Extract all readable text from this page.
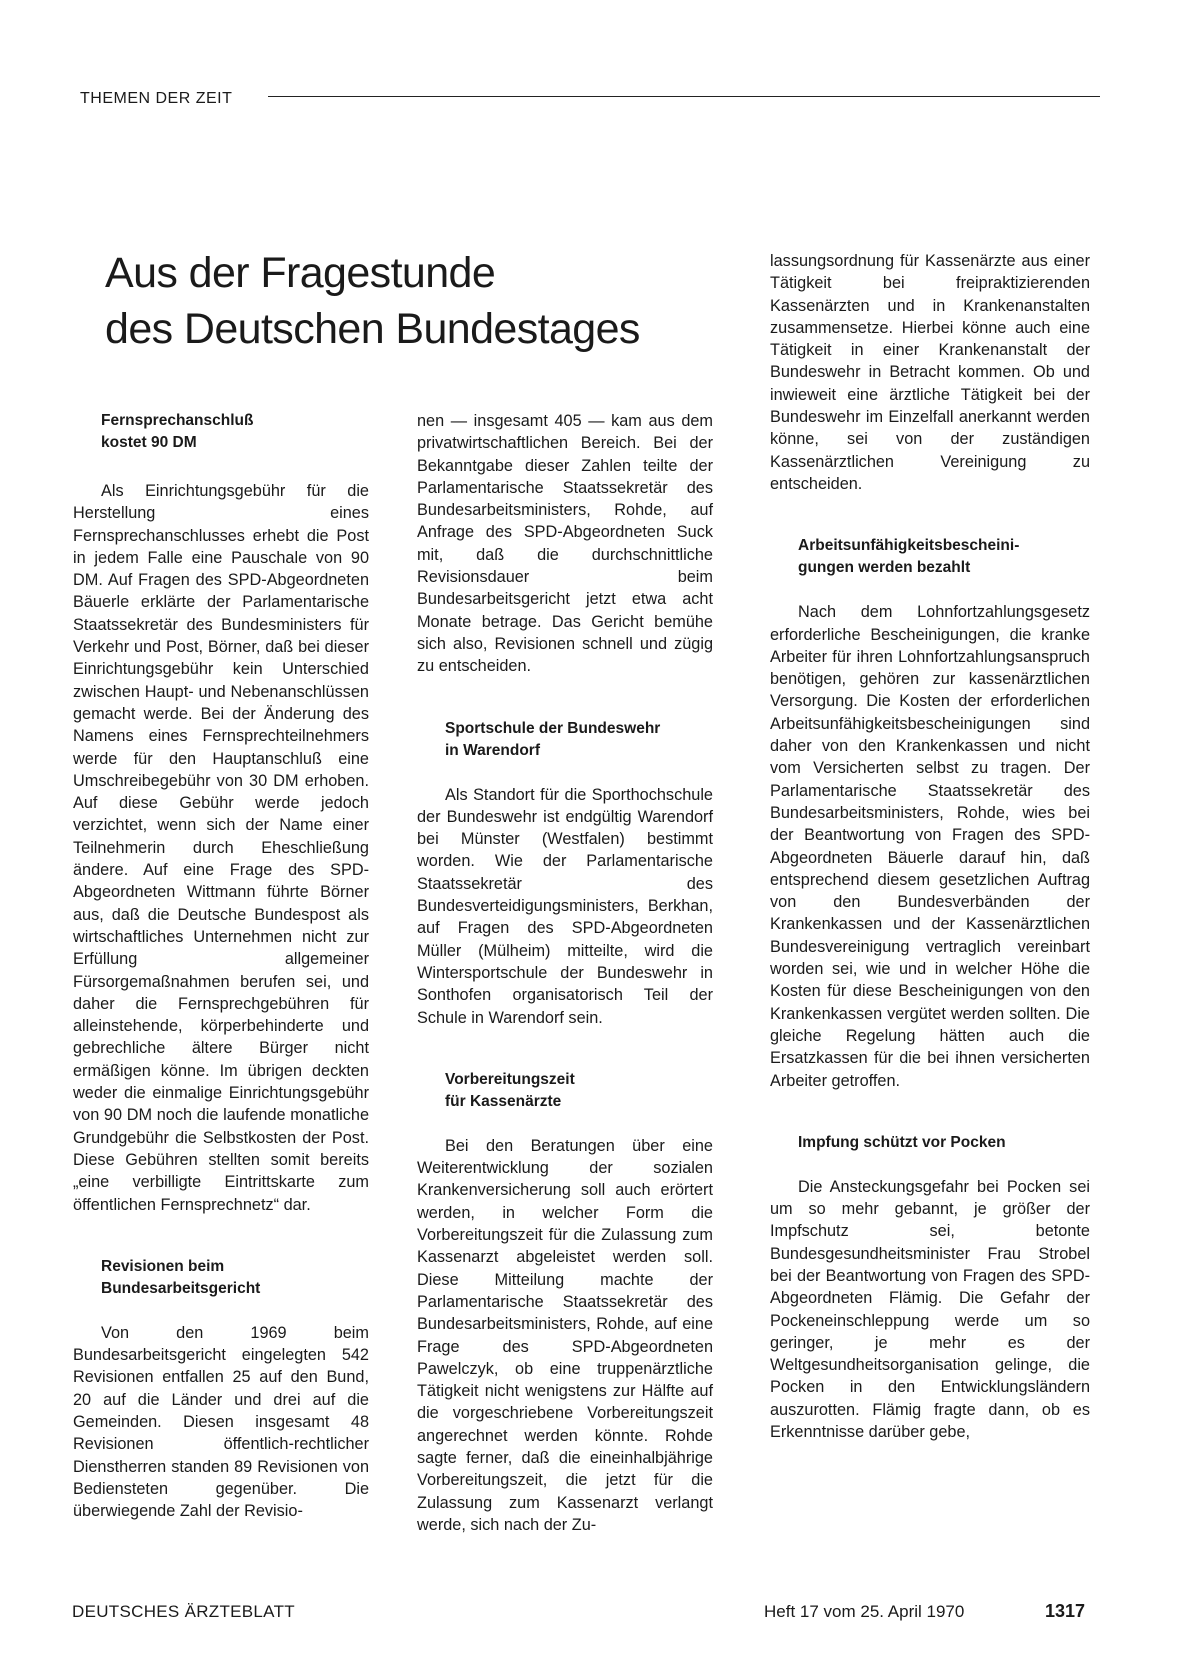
THEMEN DER ZEIT
Aus der Fragestunde
des Deutschen Bundestages
Fernsprechanschluß
kostet 90 DM

Als Einrichtungsgebühr für die Herstellung eines Fernsprechanschlusses erhebt die Post in jedem Falle eine Pauschale von 90 DM. Auf Fragen des SPD-Abgeordneten Bäuerle erklärte der Parlamentarische Staatssekretär des Bundesministers für Verkehr und Post, Börner, daß bei dieser Einrichtungsgebühr kein Unterschied zwischen Haupt- und Nebenanschlüssen gemacht werde. Bei der Änderung des Namens eines Fernsprechteilnehmers werde für den Hauptanschluß eine Umschreibegebühr von 30 DM erhoben. Auf diese Gebühr werde jedoch verzichtet, wenn sich der Name einer Teilnehmerin durch Eheschließung ändere. Auf eine Frage des SPD-Abgeordneten Wittmann führte Börner aus, daß die Deutsche Bundespost als wirtschaftliches Unternehmen nicht zur Erfüllung allgemeiner Fürsorgemaßnahmen berufen sei, und daher die Fernsprechgebühren für alleinstehende, körperbehinderte und gebrechliche ältere Bürger nicht ermäßigen könne. Im übrigen deckten weder die einmalige Einrichtungsgebühr von 90 DM noch die laufende monatliche Grundgebühr die Selbstkosten der Post. Diese Gebühren stellten somit bereits „eine verbilligte Eintrittskarte zum öffentlichen Fernsprechnetz“ dar.

Revisionen beim
Bundesarbeitsgericht

Von den 1969 beim Bundesarbeitsgericht eingelegten 542 Revisionen entfallen 25 auf den Bund, 20 auf die Länder und drei auf die Gemeinden. Diesen insgesamt 48 Revisionen öffentlich-rechtlicher Dienstherren standen 89 Revisionen von Bediensteten gegenüber. Die überwiegende Zahl der Revisio-

nen — insgesamt 405 — kam aus dem privatwirtschaftlichen Bereich. Bei der Bekanntgabe dieser Zahlen teilte der Parlamentarische Staatssekretär des Bundesarbeitsministers, Rohde, auf Anfrage des SPD-Abgeordneten Suck mit, daß die durchschnittliche Revisionsdauer beim Bundesarbeitsgericht jetzt etwa acht Monate betrage. Das Gericht bemühe sich also, Revisionen schnell und zügig zu entscheiden.

Sportschule der Bundeswehr
in Warendorf

Als Standort für die Sporthochschule der Bundeswehr ist endgültig Warendorf bei Münster (Westfalen) bestimmt worden. Wie der Parlamentarische Staatssekretär des Bundesverteidigungsministers, Berkhan, auf Fragen des SPD-Abgeordneten Müller (Mülheim) mitteilte, wird die Wintersportschule der Bundeswehr in Sonthofen organisatorisch Teil der Schule in Warendorf sein.

Vorbereitungszeit
für Kassenärzte

Bei den Beratungen über eine Weiterentwicklung der sozialen Krankenversicherung soll auch erörtert werden, in welcher Form die Vorbereitungszeit für die Zulassung zum Kassenarzt abgeleistet werden soll. Diese Mitteilung machte der Parlamentarische Staatssekretär des Bundesarbeitsministers, Rohde, auf eine Frage des SPD-Abgeordneten Pawelczyk, ob eine truppenärztliche Tätigkeit nicht wenigstens zur Hälfte auf die vorgeschriebene Vorbereitungszeit angerechnet werden könnte. Rohde sagte ferner, daß die eineinhalbjährige Vorbereitungszeit, die jetzt für die Zulassung zum Kassenarzt verlangt werde, sich nach der Zu-

lassungsordnung für Kassenärzte aus einer Tätigkeit bei freipraktizierenden Kassenärzten und in Krankenanstalten zusammensetze. Hierbei könne auch eine Tätigkeit in einer Krankenanstalt der Bundeswehr in Betracht kommen. Ob und inwieweit eine ärztliche Tätigkeit bei der Bundeswehr im Einzelfall anerkannt werden könne, sei von der zuständigen Kassenärztlichen Vereinigung zu entscheiden.

Arbeitsunfähigkeitsbescheini-
gungen werden bezahlt

Nach dem Lohnfortzahlungsgesetz erforderliche Bescheinigungen, die kranke Arbeiter für ihren Lohnfortzahlungsanspruch benötigen, gehören zur kassenärztlichen Versorgung. Die Kosten der erforderlichen Arbeitsunfähigkeitsbescheinigungen sind daher von den Krankenkassen und nicht vom Versicherten selbst zu tragen. Der Parlamentarische Staatssekretär des Bundesarbeitsministers, Rohde, wies bei der Beantwortung von Fragen des SPD-Abgeordneten Bäuerle darauf hin, daß entsprechend diesem gesetzlichen Auftrag von den Bundesverbänden der Krankenkassen und der Kassenärztlichen Bundesvereinigung vertraglich vereinbart worden sei, wie und in welcher Höhe die Kosten für diese Bescheinigungen von den Krankenkassen vergütet werden sollten. Die gleiche Regelung hätten auch die Ersatzkassen für die bei ihnen versicherten Arbeiter getroffen.

Impfung schützt vor Pocken

Die Ansteckungsgefahr bei Pocken sei um so mehr gebannt, je größer der Impfschutz sei, betonte Bundesgesundheitsminister Frau Strobel bei der Beantwortung von Fragen des SPD-Abgeordneten Flämig. Die Gefahr der Pockeneinschleppung werde um so geringer, je mehr es der Weltgesundheitsorganisation gelinge, die Pocken in den Entwicklungsländern auszurotten. Flämig fragte dann, ob es Erkenntnisse darüber gebe,

DEUTSCHES ÄRZTEBLATT	Heft 17 vom 25. April 1970	1317
